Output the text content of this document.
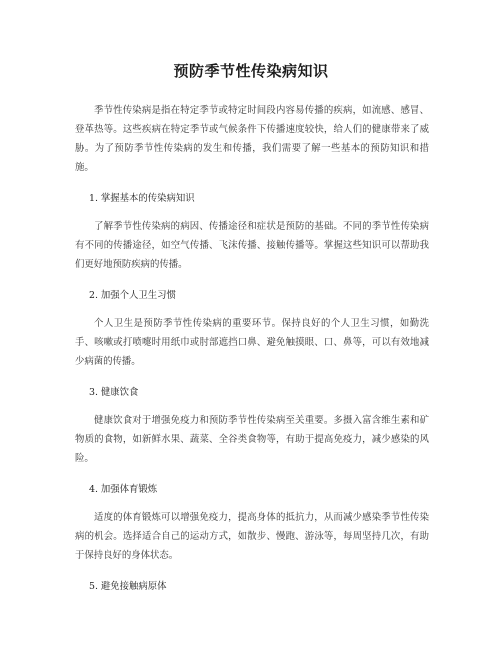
预防季节性传染病知识

季节性传染病是指在特定季节或特定时间段内容易传播的疾病，如流感、感冒、登革热等。这些疾病在特定季节或气候条件下传播速度较快，给人们的健康带来了威胁。为了预防季节性传染病的发生和传播，我们需要了解一些基本的预防知识和措施。

1. 掌握基本的传染病知识

了解季节性传染病的病因、传播途径和症状是预防的基础。不同的季节性传染病有不同的传播途径，如空气传播、飞沫传播、接触传播等。掌握这些知识可以帮助我们更好地预防疾病的传播。

2. 加强个人卫生习惯

个人卫生是预防季节性传染病的重要环节。保持良好的个人卫生习惯，如勤洗手、咳嗽或打喷嚏时用纸巾或肘部遮挡口鼻、避免触摸眼、口、鼻等，可以有效地减少病菌的传播。

3. 健康饮食

健康饮食对于增强免疫力和预防季节性传染病至关重要。多摄入富含维生素和矿物质的食物，如新鲜水果、蔬菜、全谷类食物等，有助于提高免疫力，减少感染的风险。

4. 加强体育锻炼

适度的体育锻炼可以增强免疫力，提高身体的抵抗力，从而减少感染季节性传染病的机会。选择适合自己的运动方式，如散步、慢跑、游泳等，每周坚持几次，有助于保持良好的身体状态。

5. 避免接触病原体
